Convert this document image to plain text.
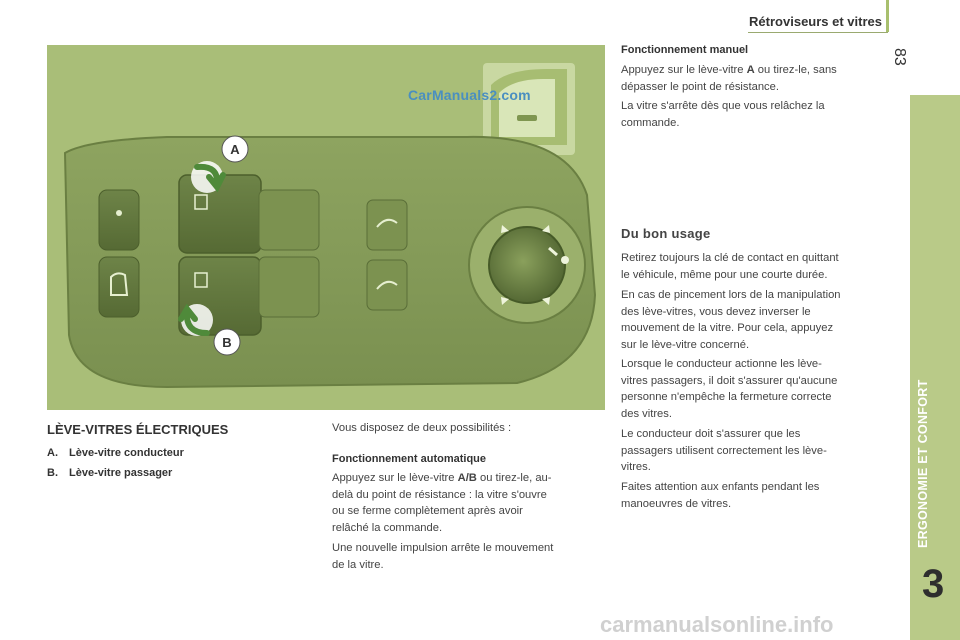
Rétroviseurs et vitres
83
ERGONOMIE ET CONFORT
3
A
B
CarManuals2.com
LÈVE-VITRES ÉLECTRIQUES
A. Lève-vitre conducteur
B. Lève-vitre passager
Vous disposez de deux possibilités :
Fonctionnement automatique
Appuyez sur le lève-vitre A/B ou tirez-le, au-
delà du point de résistance : la vitre s'ouvre
ou se ferme complètement après avoir
relâché la commande.
Une nouvelle impulsion arrête le mouvement
de la vitre.
Fonctionnement manuel
Appuyez sur le lève-vitre A ou tirez-le, sans
dépasser le point de résistance.
La vitre s'arrête dès que vous relâchez la
commande.
Du bon usage
Retirez toujours la clé de contact en quittant
le véhicule, même pour une courte durée.
En cas de pincement lors de la manipulation
des lève-vitres, vous devez inverser le
mouvement de la vitre. Pour cela, appuyez
sur le lève-vitre concerné.
Lorsque le conducteur actionne les lève-
vitres passagers, il doit s'assurer qu'aucune
personne n'empêche la fermeture correcte
des vitres.
Le conducteur doit s'assurer que les
passagers utilisent correctement les lève-
vitres.
Faites attention aux enfants pendant les
manoeuvres de vitres.
carmanualsonline.info
